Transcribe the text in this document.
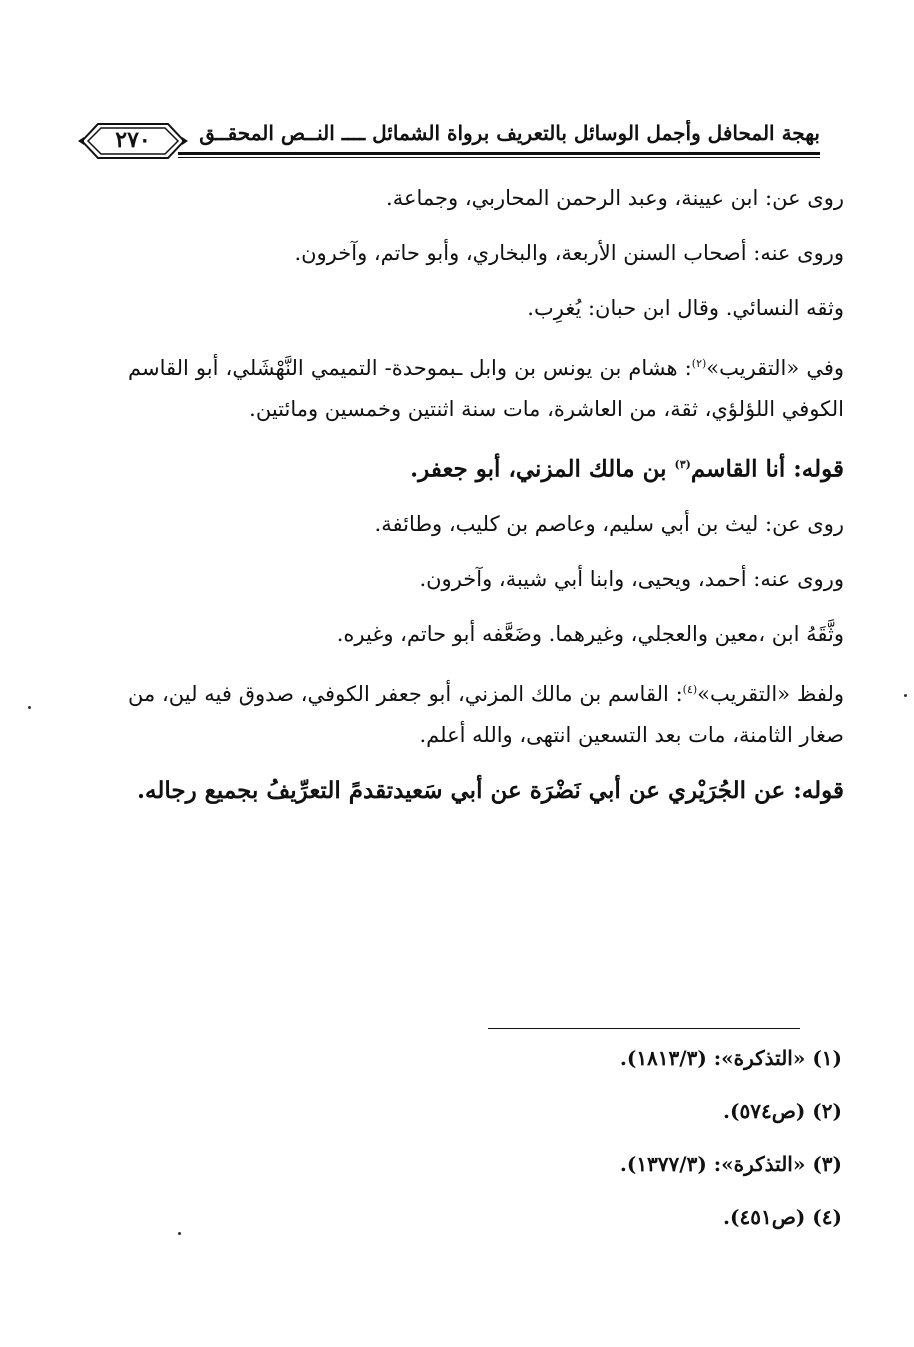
٢٧٠	بهجة المحافل وأجمل الوسائل بالتعريف برواة الشمائل ــــ النــص المحقــق

روى عن: ابن عيينة، وعبد الرحمن المحاربي، وجماعة.

وروى عنه: أصحاب السنن الأربعة، والبخاري، وأبو حاتم، وآخرون.

وثقه النسائي. وقال ابن حبان: يُغرِب.

وفي «التقريب»$^{(٢)}$: هشام بن يونس بن وابل ـبموحدة- التميمي النَّهْشَلي، أبو القاسم الكوفي اللؤلؤي، ثقة، من العاشرة، مات سنة اثنتين وخمسين ومائتين.

قوله: أنا القاسم$^{(٣)}$ بن مالك المزني، أبو جعفر.

روى عن: ليث بن أبي سليم، وعاصم بن كليب، وطائفة.

وروى عنه: أحمد، ويحيى، وابنا أبي شيبة، وآخرون.

وثَّقَهُ ابن ،معين والعجلي، وغيرهما. وضَعَّفه أبو حاتم، وغيره.

ولفظ «التقريب»$^{(٤)}$: القاسم بن مالك المزني، أبو جعفر الكوفي، صدوق فيه لين، من صغار الثامنة، مات بعد التسعين انتهى، والله أعلم.

قوله: عن الجُرَيْري عن أبي نَضْرَة عن أبي سَعيدتقدمً التعرِّيفُ بجميع رجاله.

(١) «التذكرة»: (١٨١٣/٣).
(٢) (ص٥٧٤).
(٣) «التذكرة»: (١٣٧٧/٣).
(٤) (ص٤٥١).
